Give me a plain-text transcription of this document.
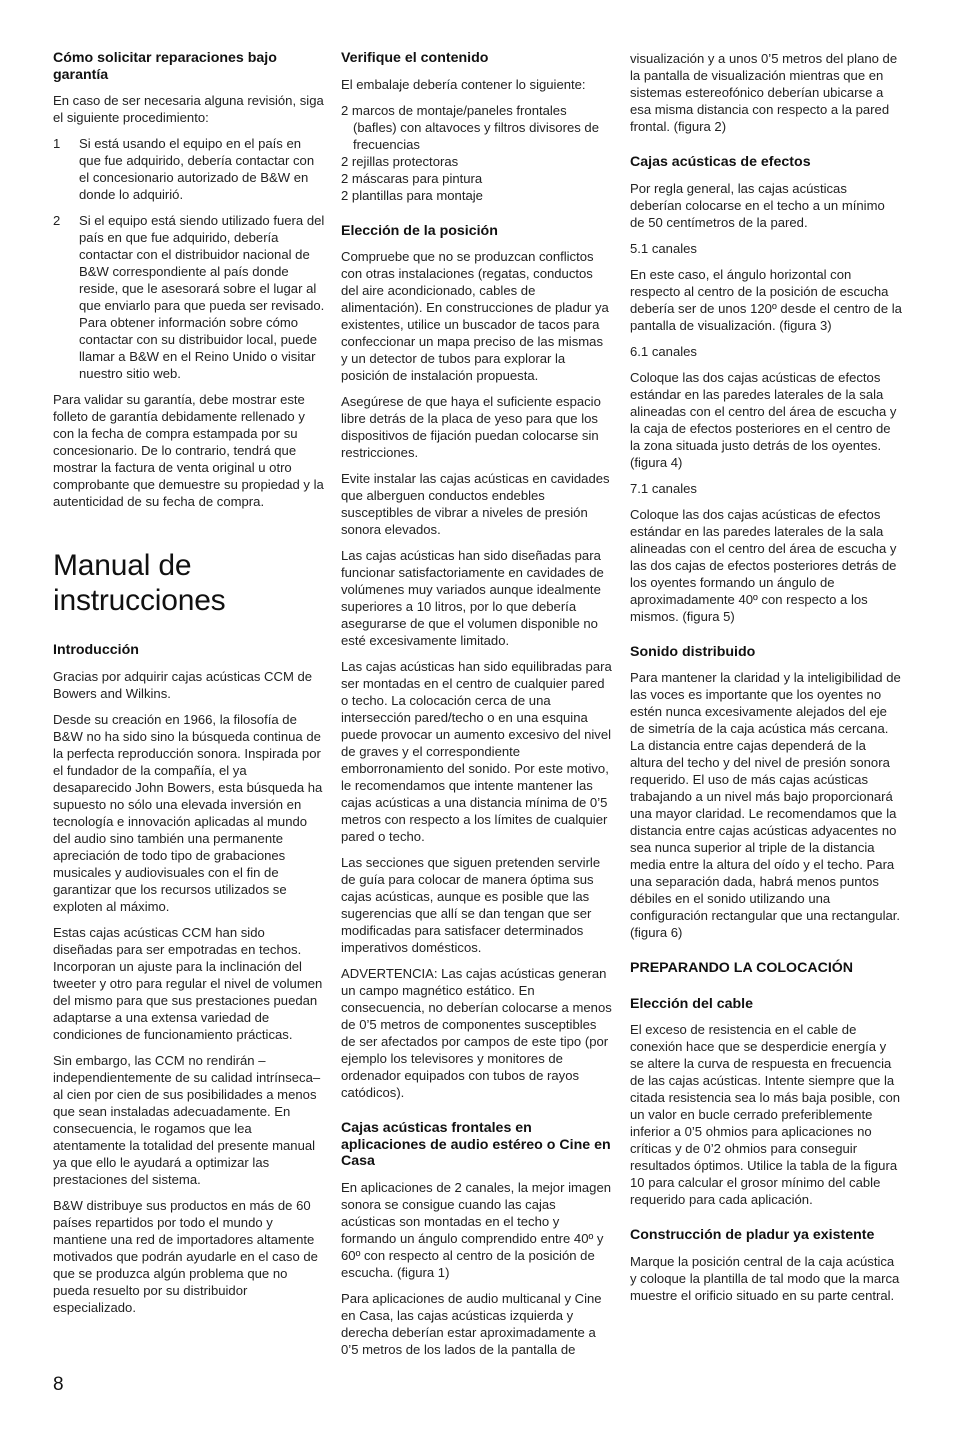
Cómo solicitar reparaciones bajo garantía

En caso de ser necesaria alguna revisión, siga el siguiente procedimiento:

1	Si está usando el equipo en el país en que fue adquirido, debería contactar con el concesionario autorizado de B&W en donde lo adquirió.
2	Si el equipo está siendo utilizado fuera del país en que fue adquirido, debería contactar con el distribuidor nacional de B&W correspondiente al país donde reside, que le asesorará sobre el lugar al que enviarlo para que pueda ser revisado. Para obtener información sobre cómo contactar con su distribuidor local, puede llamar a B&W en el Reino Unido o visitar nuestro sitio web.

Para validar su garantía, debe mostrar este folleto de garantía debidamente rellenado y con la fecha de compra estampada por su concesionario. De lo contrario, tendrá que mostrar la factura de venta original u otro comprobante que demuestre su propiedad y la autenticidad de su fecha de compra.

Manual de instrucciones
Introducción

Gracias por adquirir cajas acústicas CCM de Bowers and Wilkins.

Desde su creación en 1966, la filosofía de B&W no ha sido sino la búsqueda continua de la perfecta reproducción sonora. Inspirada por el fundador de la compañía, el ya desaparecido John Bowers, esta búsqueda ha supuesto no sólo una elevada inversión en tecnología e innovación aplicadas al mundo del audio sino también una permanente apreciación de todo tipo de grabaciones musicales y audiovisuales con el fin de garantizar que los recursos utilizados se exploten al máximo.

Estas cajas acústicas CCM han sido diseñadas para ser empotradas en techos. Incorporan un ajuste para la inclinación del tweeter y otro para regular el nivel de volumen del mismo para que sus prestaciones puedan adaptarse a una extensa variedad de condiciones de funcionamiento prácticas.

Sin embargo, las CCM no rendirán –independientemente de su calidad intrínseca– al cien por cien de sus posibilidades a menos que sean instaladas adecuadamente. En consecuencia, le rogamos que lea atentamente la totalidad del presente manual ya que ello le ayudará a optimizar las prestaciones del sistema.

B&W distribuye sus productos en más de 60 países repartidos por todo el mundo y mantiene una red de importadores altamente motivados que podrán ayudarle en el caso de que se produzca algún problema que no pueda resuelto por su distribuidor especializado.

Verifique el contenido

El embalaje debería contener lo siguiente:

2 marcos de montaje/paneles frontales (bafles) con altavoces y filtros divisores de frecuencias
2 rejillas protectoras
2 máscaras para pintura
2 plantillas para montaje
Elección de la posición

Compruebe que no se produzcan conflictos con otras instalaciones (regatas, conductos del aire acondicionado, cables de alimentación). En construcciones de pladur ya existentes, utilice un buscador de tacos para confeccionar un mapa preciso de las mismas y un detector de tubos para explorar la posición de instalación propuesta.

Asegúrese de que haya el suficiente espacio libre detrás de la placa de yeso para que los dispositivos de fijación puedan colocarse sin restricciones.

Evite instalar las cajas acústicas en cavidades que alberguen conductos endebles susceptibles de vibrar a niveles de presión sonora elevados.

Las cajas acústicas han sido diseñadas para funcionar satisfactoriamente en cavidades de volúmenes muy variados aunque idealmente superiores a 10 litros, por lo que debería asegurarse de que el volumen disponible no esté excesivamente limitado.

Las cajas acústicas han sido equilibradas para ser montadas en el centro de cualquier pared o techo. La colocación cerca de una intersección pared/techo o en una esquina puede provocar un aumento excesivo del nivel de graves y el correspondiente emborronamiento del sonido. Por este motivo, le recomendamos que intente mantener las cajas acústicas a una distancia mínima de 0’5 metros con respecto a los límites de cualquier pared o techo.

Las secciones que siguen pretenden servirle de guía para colocar de manera óptima sus cajas acústicas, aunque es posible que las sugerencias que allí se dan tengan que ser modificadas para satisfacer determinados imperativos domésticos.

ADVERTENCIA: Las cajas acústicas generan un campo magnético estático. En consecuencia, no deberían colocarse a menos de 0’5 metros de componentes susceptibles de ser afectados por campos de este tipo (por ejemplo los televisores y monitores de ordenador equipados con tubos de rayos catódicos).

Cajas acústicas frontales en aplicaciones de audio estéreo o Cine en Casa

En aplicaciones de 2 canales, la mejor imagen sonora se consigue cuando las cajas acústicas son montadas en el techo y formando un ángulo comprendido entre 40º y 60º con respecto al centro de la posición de escucha. (figura 1)

Para aplicaciones de audio multicanal y Cine en Casa, las cajas acústicas izquierda y derecha deberían estar aproximadamente a 0’5 metros de los lados de la pantalla de

visualización y a unos 0’5 metros del plano de la pantalla de visualización mientras que en sistemas estereofónico deberían ubicarse a esa misma distancia con respecto a la pared frontal. (figura 2)

Cajas acústicas de efectos

Por regla general, las cajas acústicas deberían colocarse en el techo a un mínimo de 50 centímetros de la pared.

5.1 canales

En este caso, el ángulo horizontal con respecto al centro de la posición de escucha debería ser de unos 120º desde el centro de la pantalla de visualización. (figura 3)

6.1 canales

Coloque las dos cajas acústicas de efectos estándar en las paredes laterales de la sala alineadas con el centro del área de escucha y la caja de efectos posteriores en el centro de la zona situada justo detrás de los oyentes. (figura 4)

7.1 canales

Coloque las dos cajas acústicas de efectos estándar en las paredes laterales de la sala alineadas con el centro del área de escucha y las dos cajas de efectos posteriores detrás de los oyentes formando un ángulo de aproximadamente 40º con respecto a los mismos. (figura 5)

Sonido distribuido

Para mantener la claridad y la inteligibilidad de las voces es importante que los oyentes no estén nunca excesivamente alejados del eje de simetría de la caja acústica más cercana. La distancia entre cajas dependerá de la altura del techo y del nivel de presión sonora requerido. El uso de más cajas acústicas trabajando a un nivel más bajo proporcionará una mayor claridad. Le recomendamos que la distancia entre cajas acústicas adyacentes no sea nunca superior al triple de la distancia media entre la altura del oído y el techo. Para una separación dada, habrá menos puntos débiles en el sonido utilizando una configuración rectangular que una rectangular. (figura 6)

PREPARANDO LA COLOCACIÓN
Elección del cable

El exceso de resistencia en el cable de conexión hace que se desperdicie energía y se altere la curva de respuesta en frecuencia de las cajas acústicas. Intente siempre que la citada resistencia sea lo más baja posible, con un valor en bucle cerrado preferiblemente inferior a 0’5 ohmios para aplicaciones no críticas y de 0’2 ohmios para conseguir resultados óptimos. Utilice la tabla de la figura 10 para calcular el grosor mínimo del cable requerido para cada aplicación.

Construcción de pladur ya existente

Marque la posición central de la caja acústica y coloque la plantilla de tal modo que la marca muestre el orificio situado en su parte central.

8
